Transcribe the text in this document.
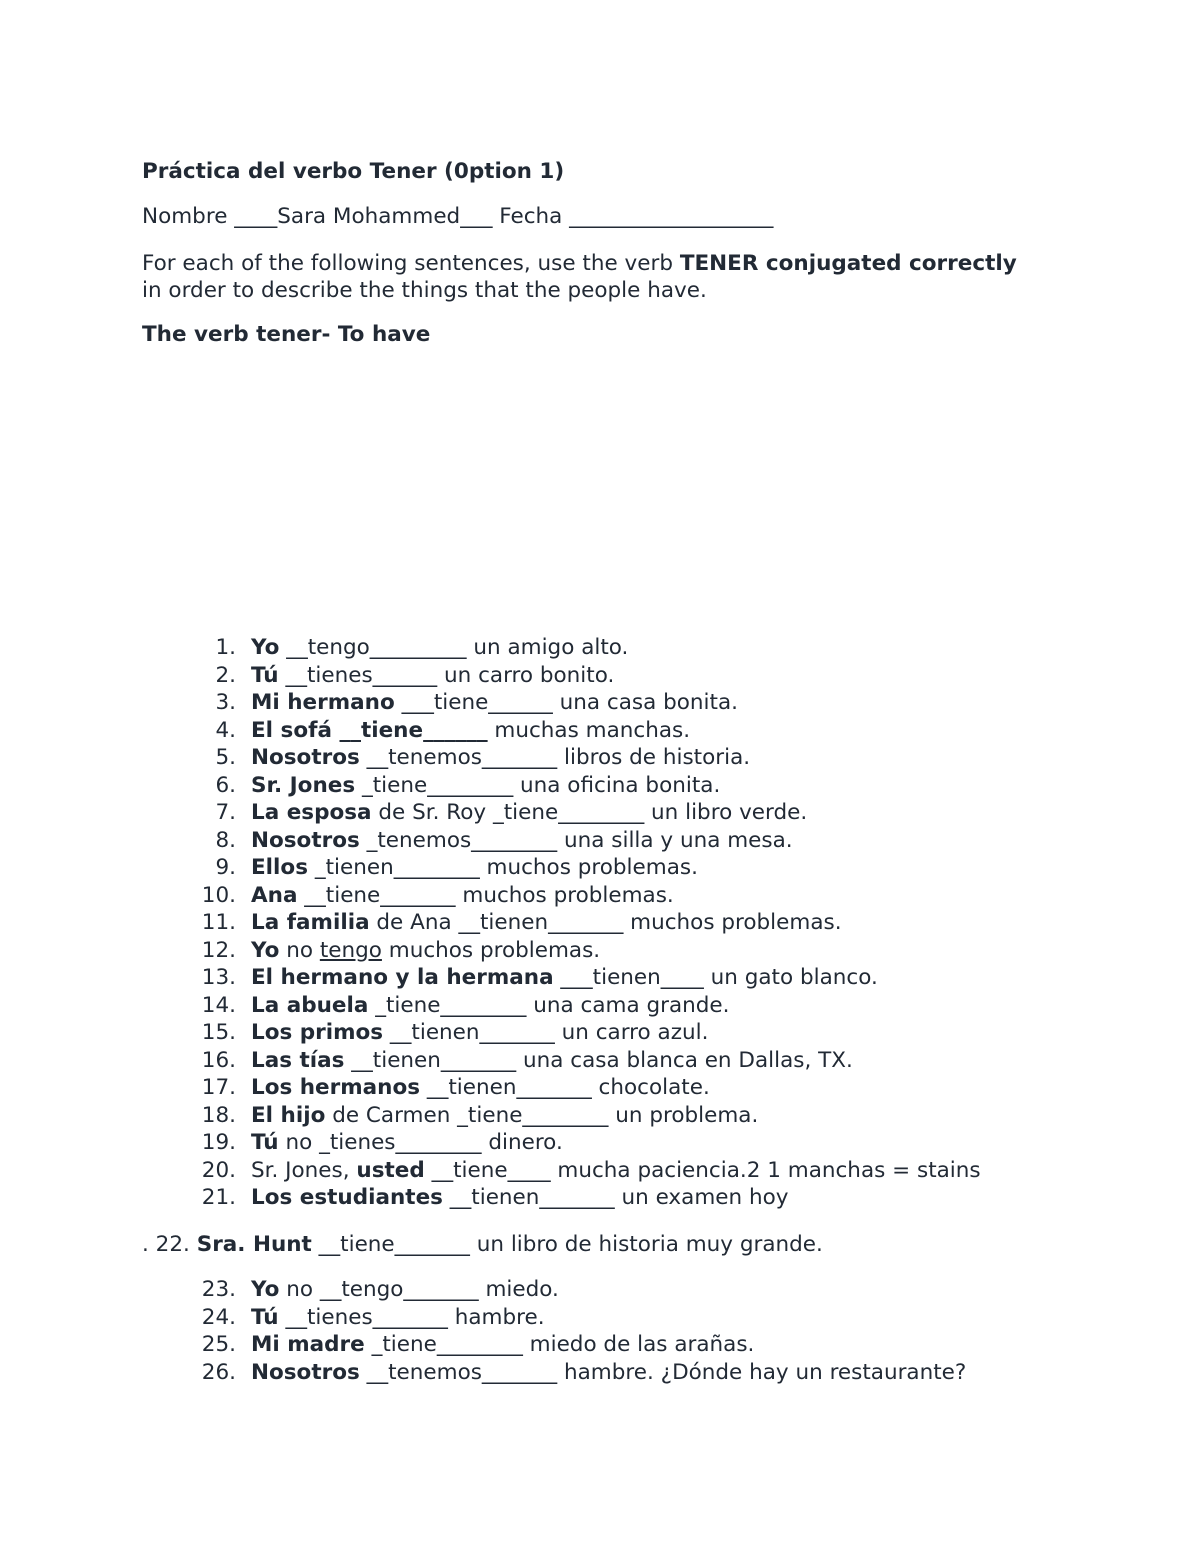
Práctica del verbo Tener (0ption 1)
Nombre ____Sara Mohammed___ Fecha ___________________
For each of the following sentences, use the verb TENER conjugated correctly in order to describe the things that the people have.
The verb tener- To have
1. Yo __tengo_________ un amigo alto.
2. Tú __tienes______ un carro bonito.
3. Mi hermano ___tiene______ una casa bonita.
4. El sofá __tiene______ muchas manchas.
5. Nosotros __tenemos_______ libros de historia.
6. Sr. Jones _tiene________ una oficina bonita.
7. La esposa de Sr. Roy _tiene________ un libro verde.
8. Nosotros _tenemos________ una silla y una mesa.
9. Ellos _tienen________ muchos problemas.
10. Ana __tiene_______ muchos problemas.
11. La familia de Ana __tienen_______ muchos problemas.
12. Yo no tengo muchos problemas.
13. El hermano y la hermana ___tienen____ un gato blanco.
14. La abuela _tiene________ una cama grande.
15. Los primos __tienen_______ un carro azul.
16. Las tías __tienen_______ una casa blanca en Dallas, TX.
17. Los hermanos __tienen_______ chocolate.
18. El hijo de Carmen _tiene________ un problema.
19. Tú no _tienes________ dinero.
20. Sr. Jones, usted __tiene____ mucha paciencia.2 1 manchas = stains
21. Los estudiantes __tienen_______ un examen hoy
. 22. Sra. Hunt __tiene_______ un libro de historia muy grande.
23. Yo no __tengo_______ miedo.
24. Tú __tienes_______ hambre.
25. Mi madre _tiene________ miedo de las arañas.
26. Nosotros __tenemos_______ hambre. ¿Dónde hay un restaurante?
